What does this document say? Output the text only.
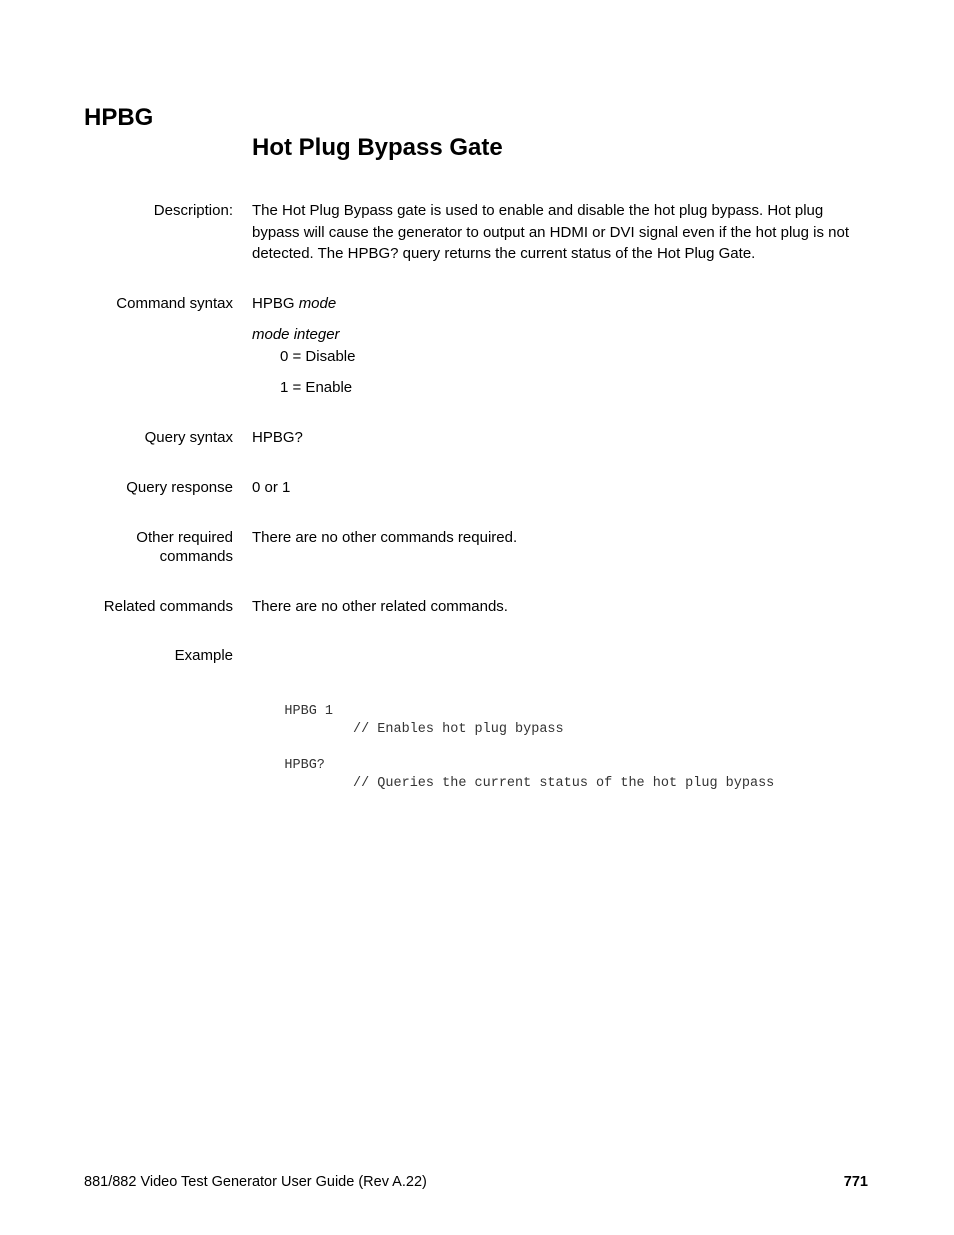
HPBG
Hot Plug Bypass Gate
Description: The Hot Plug Bypass gate is used to enable and disable the hot plug bypass. Hot plug bypass will cause the generator to output an HDMI or DVI signal even if the hot plug is not detected. The HPBG? query returns the current status of the Hot Plug Gate.
Command syntax HPBG mode
mode integer
0 = Disable
1 = Enable
Query syntax HPBG?
Query response 0 or 1
Other required
commands
There are no other commands required.
Related commands There are no other related commands.
Example

HPBG 1

// Enables hot plug bypass

HPBG?

// Queries the current status of the hot plug bypass

881/882 Video Test Generator User Guide (Rev A.22)	771
